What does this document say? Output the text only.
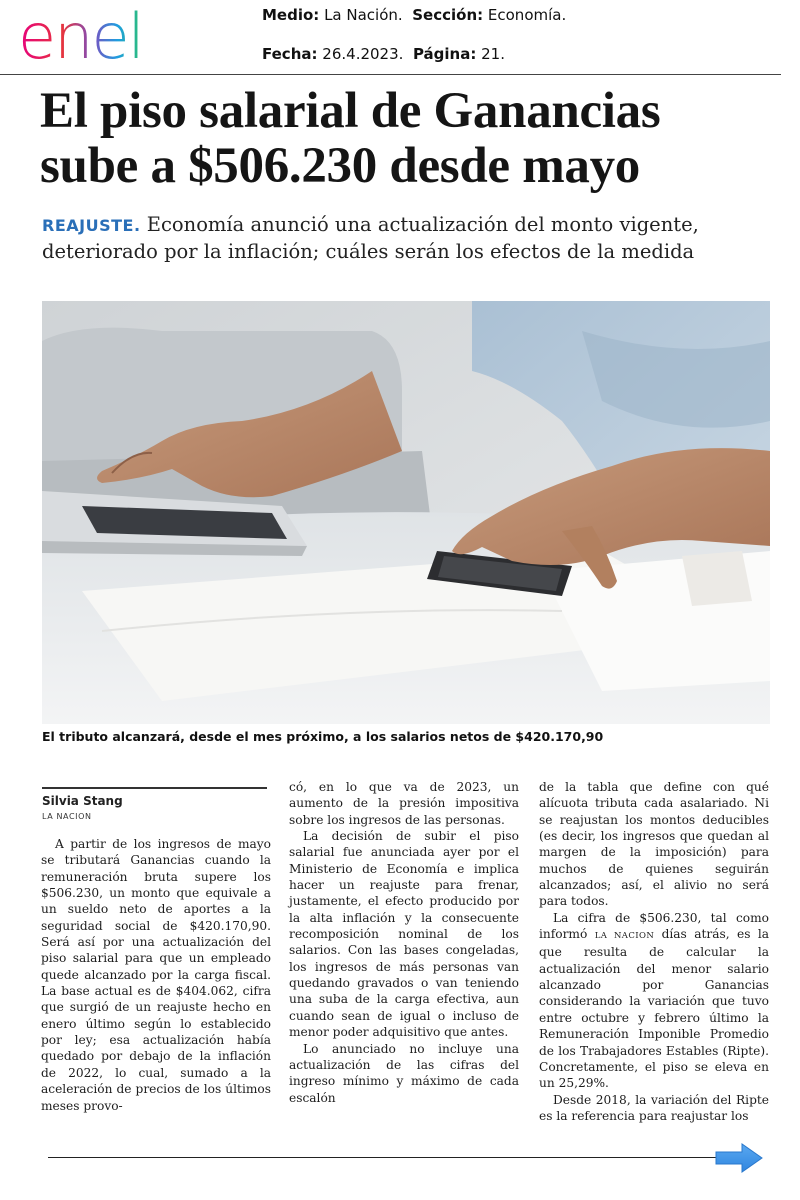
enel	Medio: La Nación. Sección: Economía.
Fecha: 26.4.2023. Página: 21.
El piso salarial de Ganancias sube a $506.230 desde mayo

REAJUSTE. Economía anunció una actualización del monto vigente, deteriorado por la inflación; cuáles serán los efectos de la medida

El tributo alcanzará, desde el mes próximo, a los salarios netos de $420.170,90
Silvia Stang
LA NACION

A partir de los ingresos de mayo se tributará Ganancias cuando la remuneración bruta supere los $506.230, un monto que equivale a un sueldo neto de aportes a la seguridad social de $420.170,90. Será así por una actualización del piso salarial para que un empleado quede alcanzado por la carga fiscal. La base actual es de $404.062, cifra que surgió de un reajuste hecho en enero último según lo establecido por ley; esa actualización había quedado por debajo de la inflación de 2022, lo cual, sumado a la aceleración de precios de los últimos meses provo-

có, en lo que va de 2023, un aumento de la presión impositiva sobre los ingresos de las personas.

La decisión de subir el piso salarial fue anunciada ayer por el Ministerio de Economía e implica hacer un reajuste para frenar, justamente, el efecto producido por la alta inflación y la consecuente recomposición nominal de los salarios. Con las bases congeladas, los ingresos de más personas van quedando gravados o van teniendo una suba de la carga efectiva, aun cuando sean de igual o incluso de menor poder adquisitivo que antes.

Lo anunciado no incluye una actualización de las cifras del ingreso mínimo y máximo de cada escalón

de la tabla que define con qué alícuota tributa cada asalariado. Ni se reajustan los montos deducibles (es decir, los ingresos que quedan al margen de la imposición) para muchos de quienes seguirán alcanzados; así, el alivio no será para todos.

La cifra de $506.230, tal como informó LA NACION días atrás, es la que resulta de calcular la actualización del menor salario alcanzado por Ganancias considerando la variación que tuvo entre octubre y febrero último la Remuneración Imponible Promedio de los Trabajadores Estables (Ripte). Concretamente, el piso se eleva en un 25,29%.

Desde 2018, la variación del Ripte es la referencia para reajustar los
